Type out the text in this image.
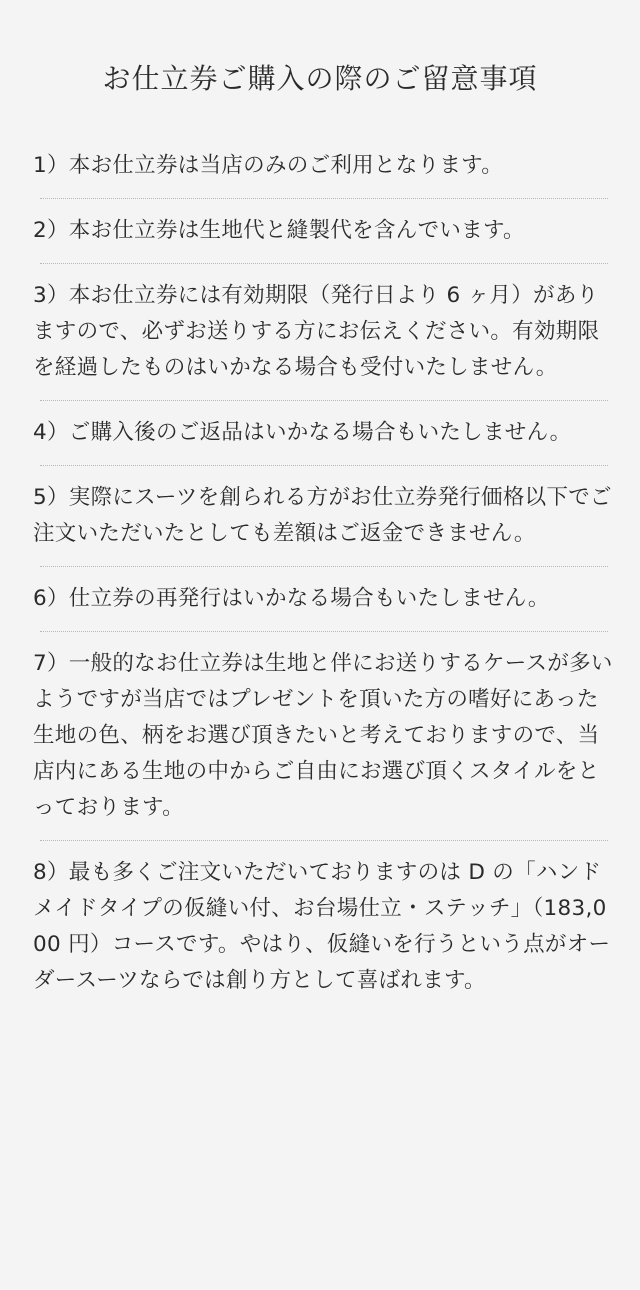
お仕立券ご購入の際のご留意事項
1）本お仕立券は当店のみのご利用となります。
2）本お仕立券は生地代と縫製代を含んでいます。
3）本お仕立券には有効期限（発行日より 6 ヶ月）がありますので、必ずお送りする方にお伝えください。有効期限を経過したものはいかなる場合も受付いたしません。
4）ご購入後のご返品はいかなる場合もいたしません。
5）実際にスーツを創られる方がお仕立券発行価格以下でご注文いただいたとしても差額はご返金できません。
6）仕立券の再発行はいかなる場合もいたしません。
7）一般的なお仕立券は生地と伴にお送りするケースが多いようですが当店ではプレゼントを頂いた方の嗜好にあった生地の色、柄をお選び頂きたいと考えておりますので、当店内にある生地の中からご自由にお選び頂くスタイルをとっております。
8）最も多くご注文いただいておりますのは D の「ハンドメイドタイプの仮縫い付、お台場仕立・ステッチ」（183,000 円）コースです。やはり、仮縫いを行うという点がオーダースーツならでは創り方として喜ばれます。
